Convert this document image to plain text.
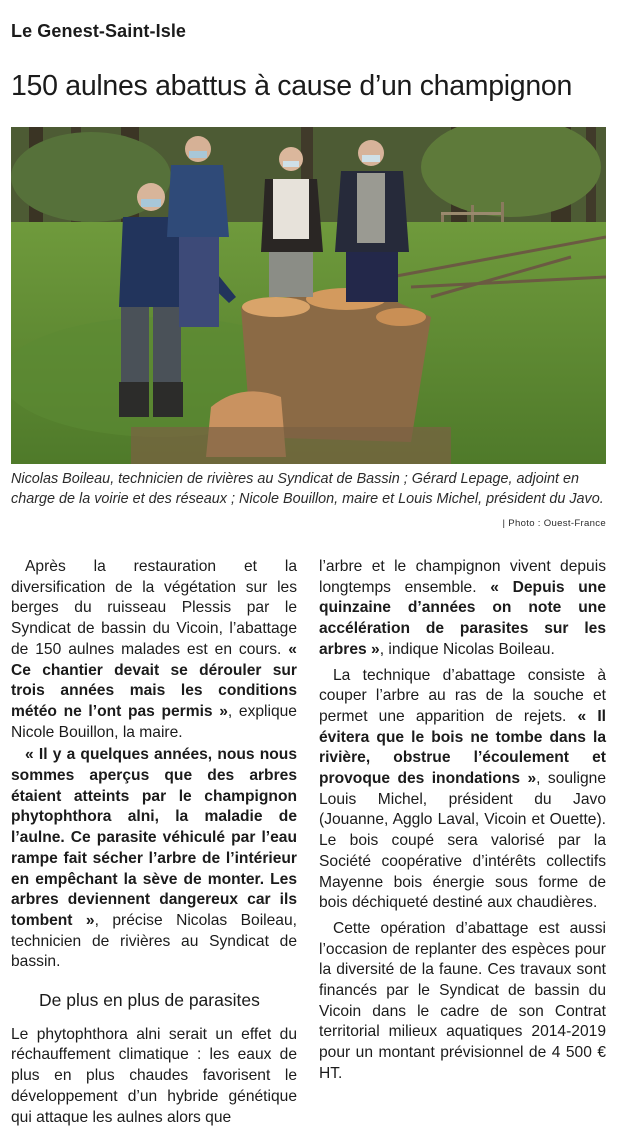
Le Genest-Saint-Isle
150 aulnes abattus à cause d’un champignon
Nicolas Boileau, technicien de rivières au Syndicat de Bassin ; Gérard Lepage, adjoint en charge de la voirie et des réseaux ; Nicole Bouillon, maire et Louis Michel, président du Javo.
| Photo : Ouest-France

Après la restauration et la diversification de la végétation sur les berges du ruisseau Plessis par le Syndicat de bassin du Vicoin, l’abattage de 150 aulnes malades est en cours. « Ce chantier devait se dérouler sur trois années mais les conditions météo ne l’ont pas permis », explique Nicole Bouillon, la maire.

« Il y a quelques années, nous nous sommes aperçus que des arbres étaient atteints par le champignon phytophthora alni, la maladie de l’aulne. Ce parasite véhiculé par l’eau rampe fait sécher l’arbre de l’intérieur en empêchant la sève de monter. Les arbres deviennent dangereux car ils tombent », précise Nicolas Boileau, technicien de rivières au Syndicat de bassin.

De plus en plus de parasites

Le phytophthora alni serait un effet du réchauffement climatique : les eaux de plus en plus chaudes favorisent le développement d’un hybride génétique qui attaque les aulnes alors que

l’arbre et le champignon vivent depuis longtemps ensemble. « Depuis une quinzaine d’années on note une accélération de parasites sur les arbres », indique Nicolas Boileau.

La technique d’abattage consiste à couper l’arbre au ras de la souche et permet une apparition de rejets. « Il évitera que le bois ne tombe dans la rivière, obstrue l’écoulement et provoque des inondations », souligne Louis Michel, président du Javo (Jouanne, Agglo Laval, Vicoin et Ouette). Le bois coupé sera valorisé par la Société coopérative d’intérêts collectifs Mayenne bois énergie sous forme de bois déchiqueté destiné aux chaudières.

Cette opération d’abattage est aussi l’occasion de replanter des espèces pour la diversité de la faune. Ces travaux sont financés par le Syndicat de bassin du Vicoin dans le cadre de son Contrat territorial milieux aquatiques 2014-2019 pour un montant prévisionnel de 4 500 € HT.
